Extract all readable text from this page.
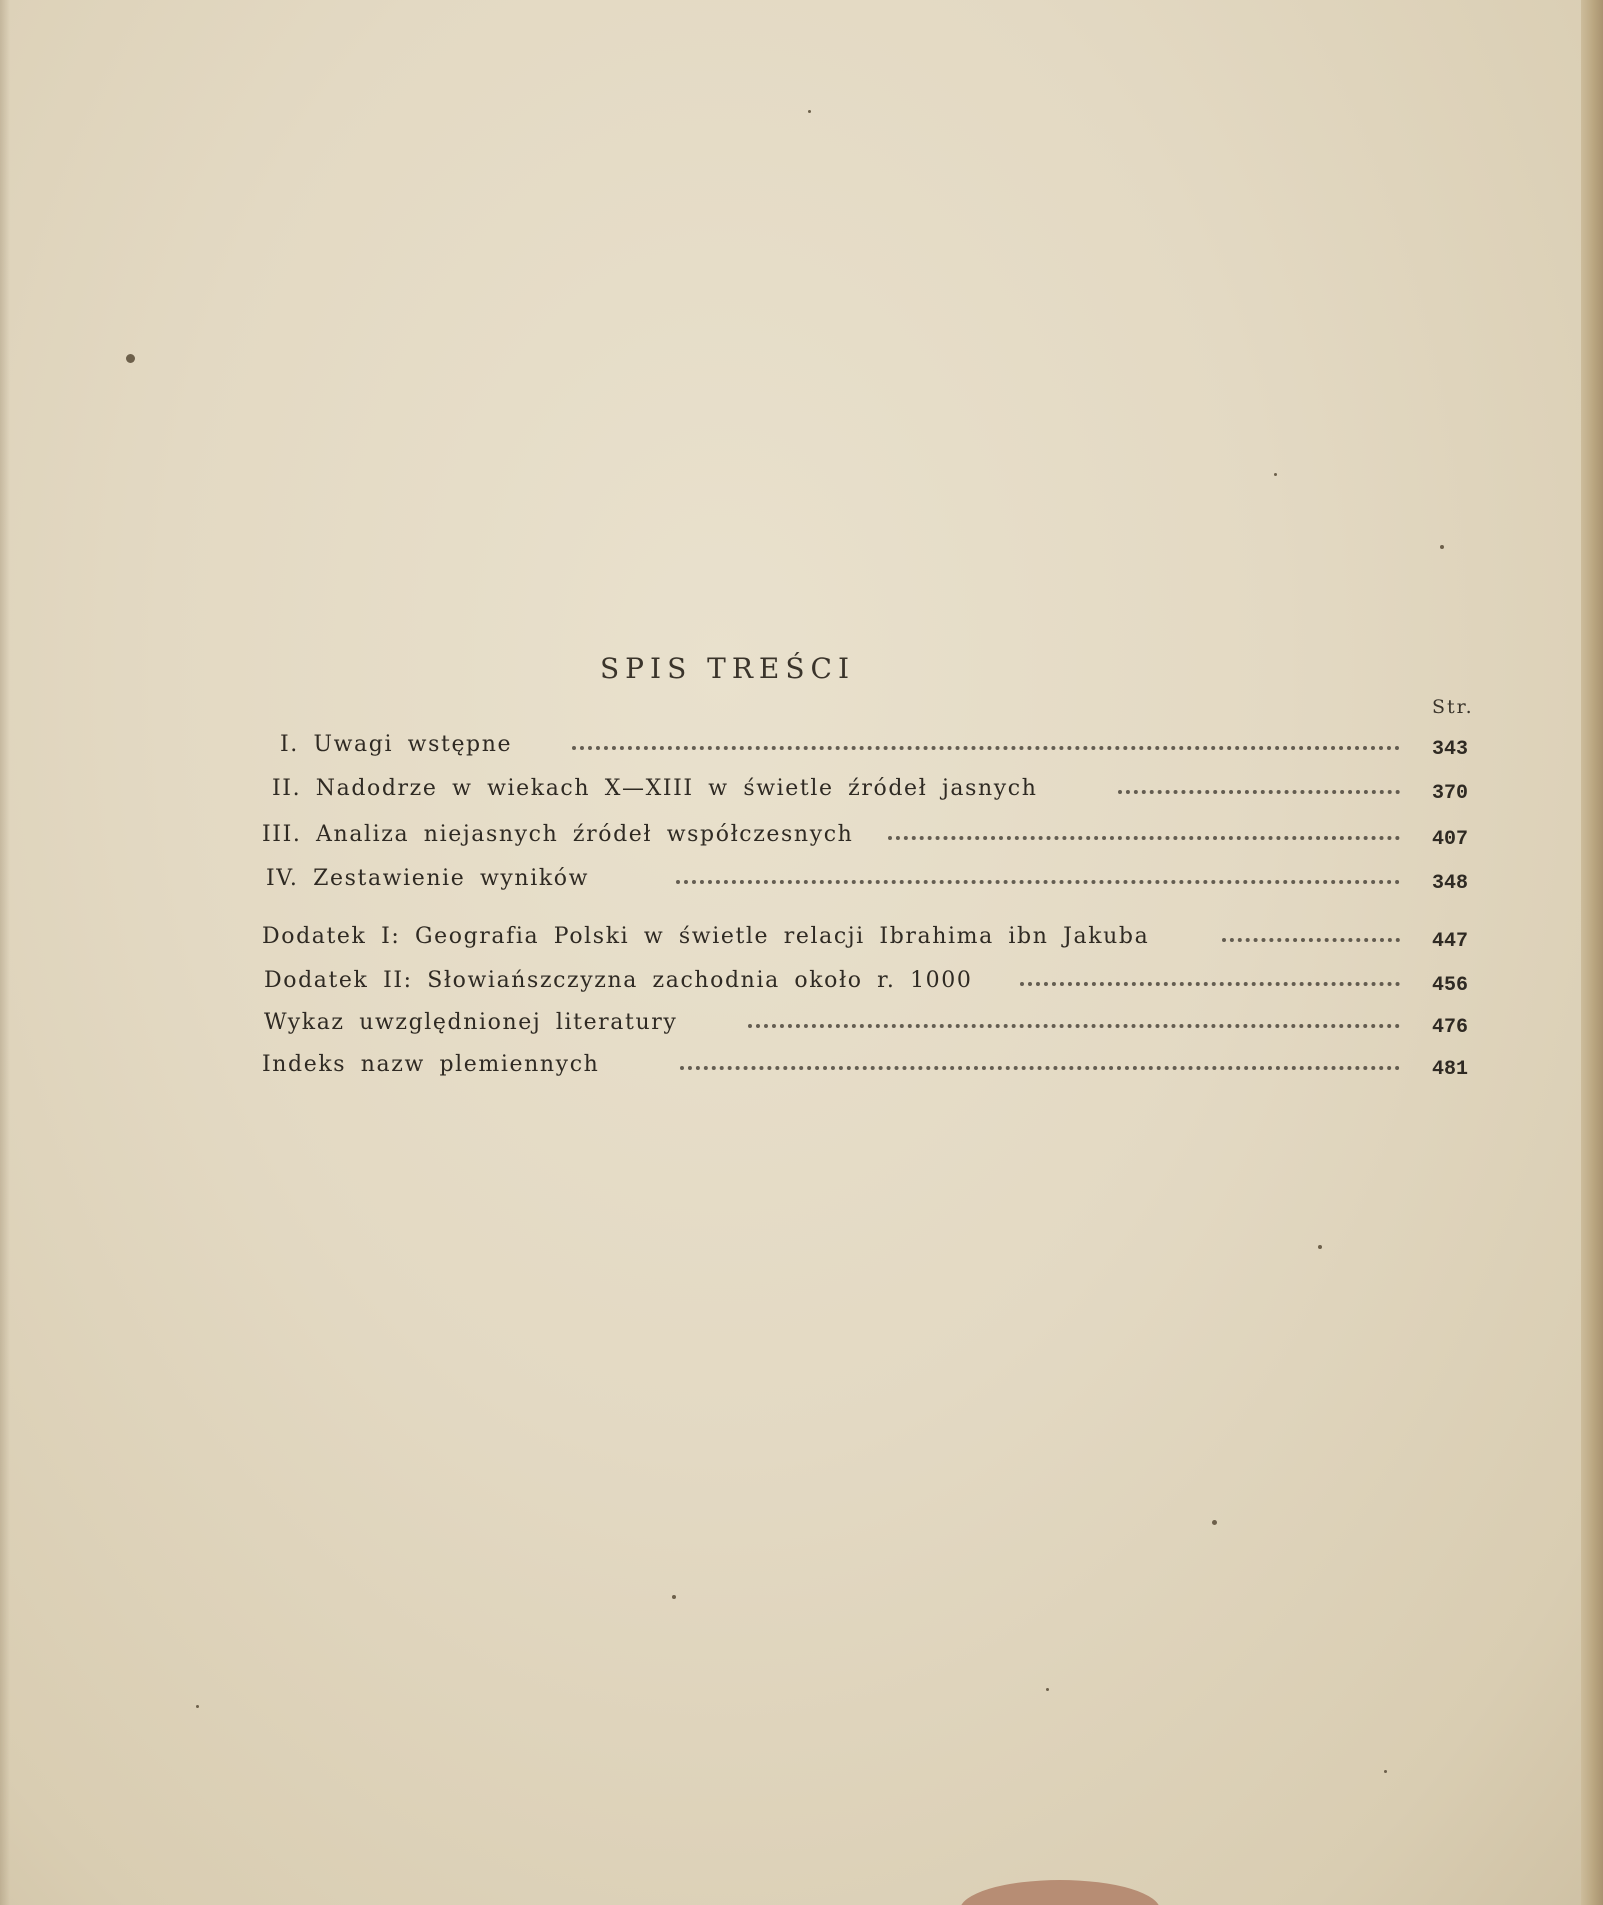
SPIS TREŚCI
Str.
I. Uwagi wstępne	343
II. Nadodrze w wiekach X—XIII w świetle źródeł jasnych	370
III. Analiza niejasnych źródeł współczesnych	407
IV. Zestawienie wyników	348
Dodatek I: Geografia Polski w świetle relacji Ibrahima ibn Jakuba	447
Dodatek II: Słowiańszczyzna zachodnia około r. 1000	456
Wykaz uwzględnionej literatury	476
Indeks nazw plemiennych	481
